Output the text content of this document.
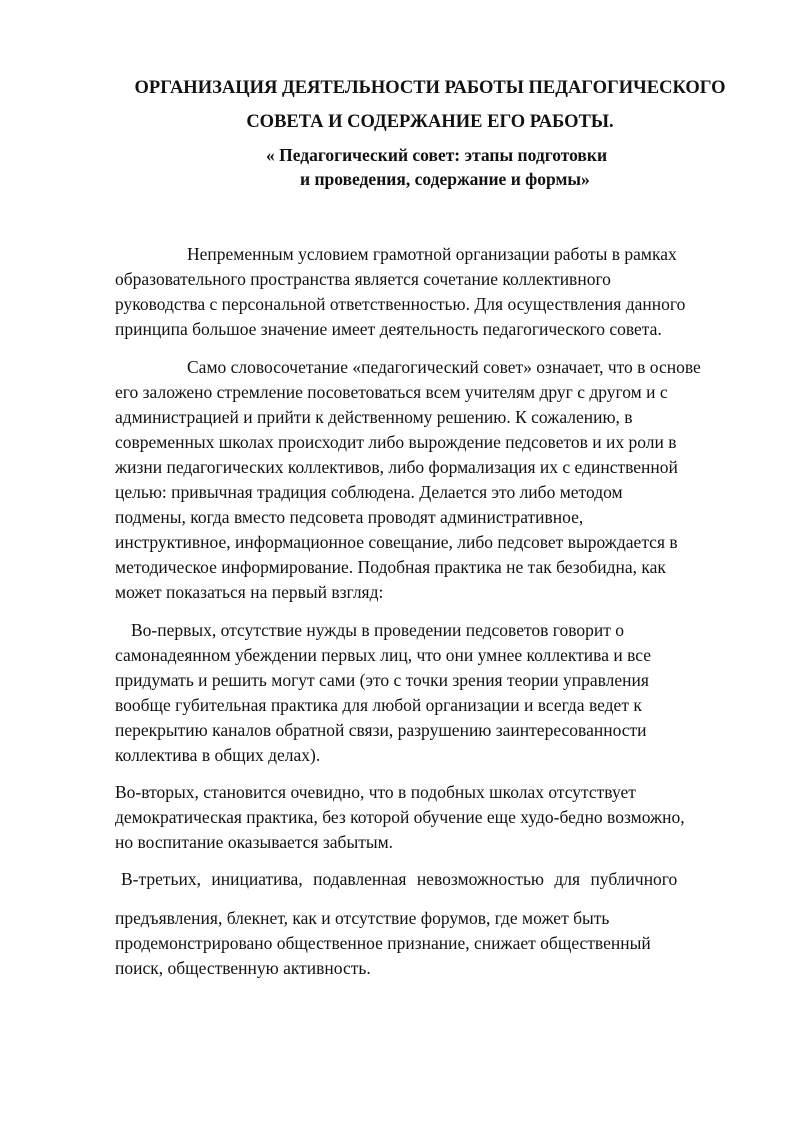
ОРГАНИЗАЦИЯ ДЕЯТЕЛЬНОСТИ РАБОТЫ ПЕДАГОГИЧЕСКОГО
СОВЕТА И СОДЕРЖАНИЕ ЕГО РАБОТЫ.
« Педагогический совет: этапы подготовки
и проведения, содержание и формы»

Непременным условием грамотной организации работы в рамках
образовательного пространства является сочетание коллективного
руководства с персональной ответственностью. Для осуществления данного
принципа большое значение имеет деятельность педагогического совета.

Само словосочетание «педагогический совет» означает, что в основе
его заложено стремление посоветоваться всем учителям друг с другом и с
администрацией и прийти к действенному решению. К сожалению, в
современных школах происходит либо вырождение педсоветов и их роли в
жизни педагогических коллективов, либо формализация их с единственной
целью: привычная традиция соблюдена. Делается это либо методом
подмены, когда вместо педсовета проводят административное,
инструктивное, информационное совещание, либо педсовет вырождается в
методическое информирование. Подобная практика не так безобидна, как
может показаться на первый взгляд:

Во-первых, отсутствие нужды в проведении педсоветов говорит о
самонадеянном убеждении первых лиц, что они умнее коллектива и все
придумать и решить могут сами (это с точки зрения теории управления
вообще губительная практика для любой организации и всегда ведет к
перекрытию каналов обратной связи, разрушению заинтересованности
коллектива в общих делах).

Во-вторых, становится очевидно, что в подобных школах отсутствует
демократическая практика, без которой обучение еще худо-бедно возможно,
но воспитание оказывается забытым.

В-третьих, инициатива, подавленная невозможностью для публичного

предъявления, блекнет, как и отсутствие форумов, где может быть
продемонстрировано общественное признание, снижает общественный
поиск, общественную активность.
